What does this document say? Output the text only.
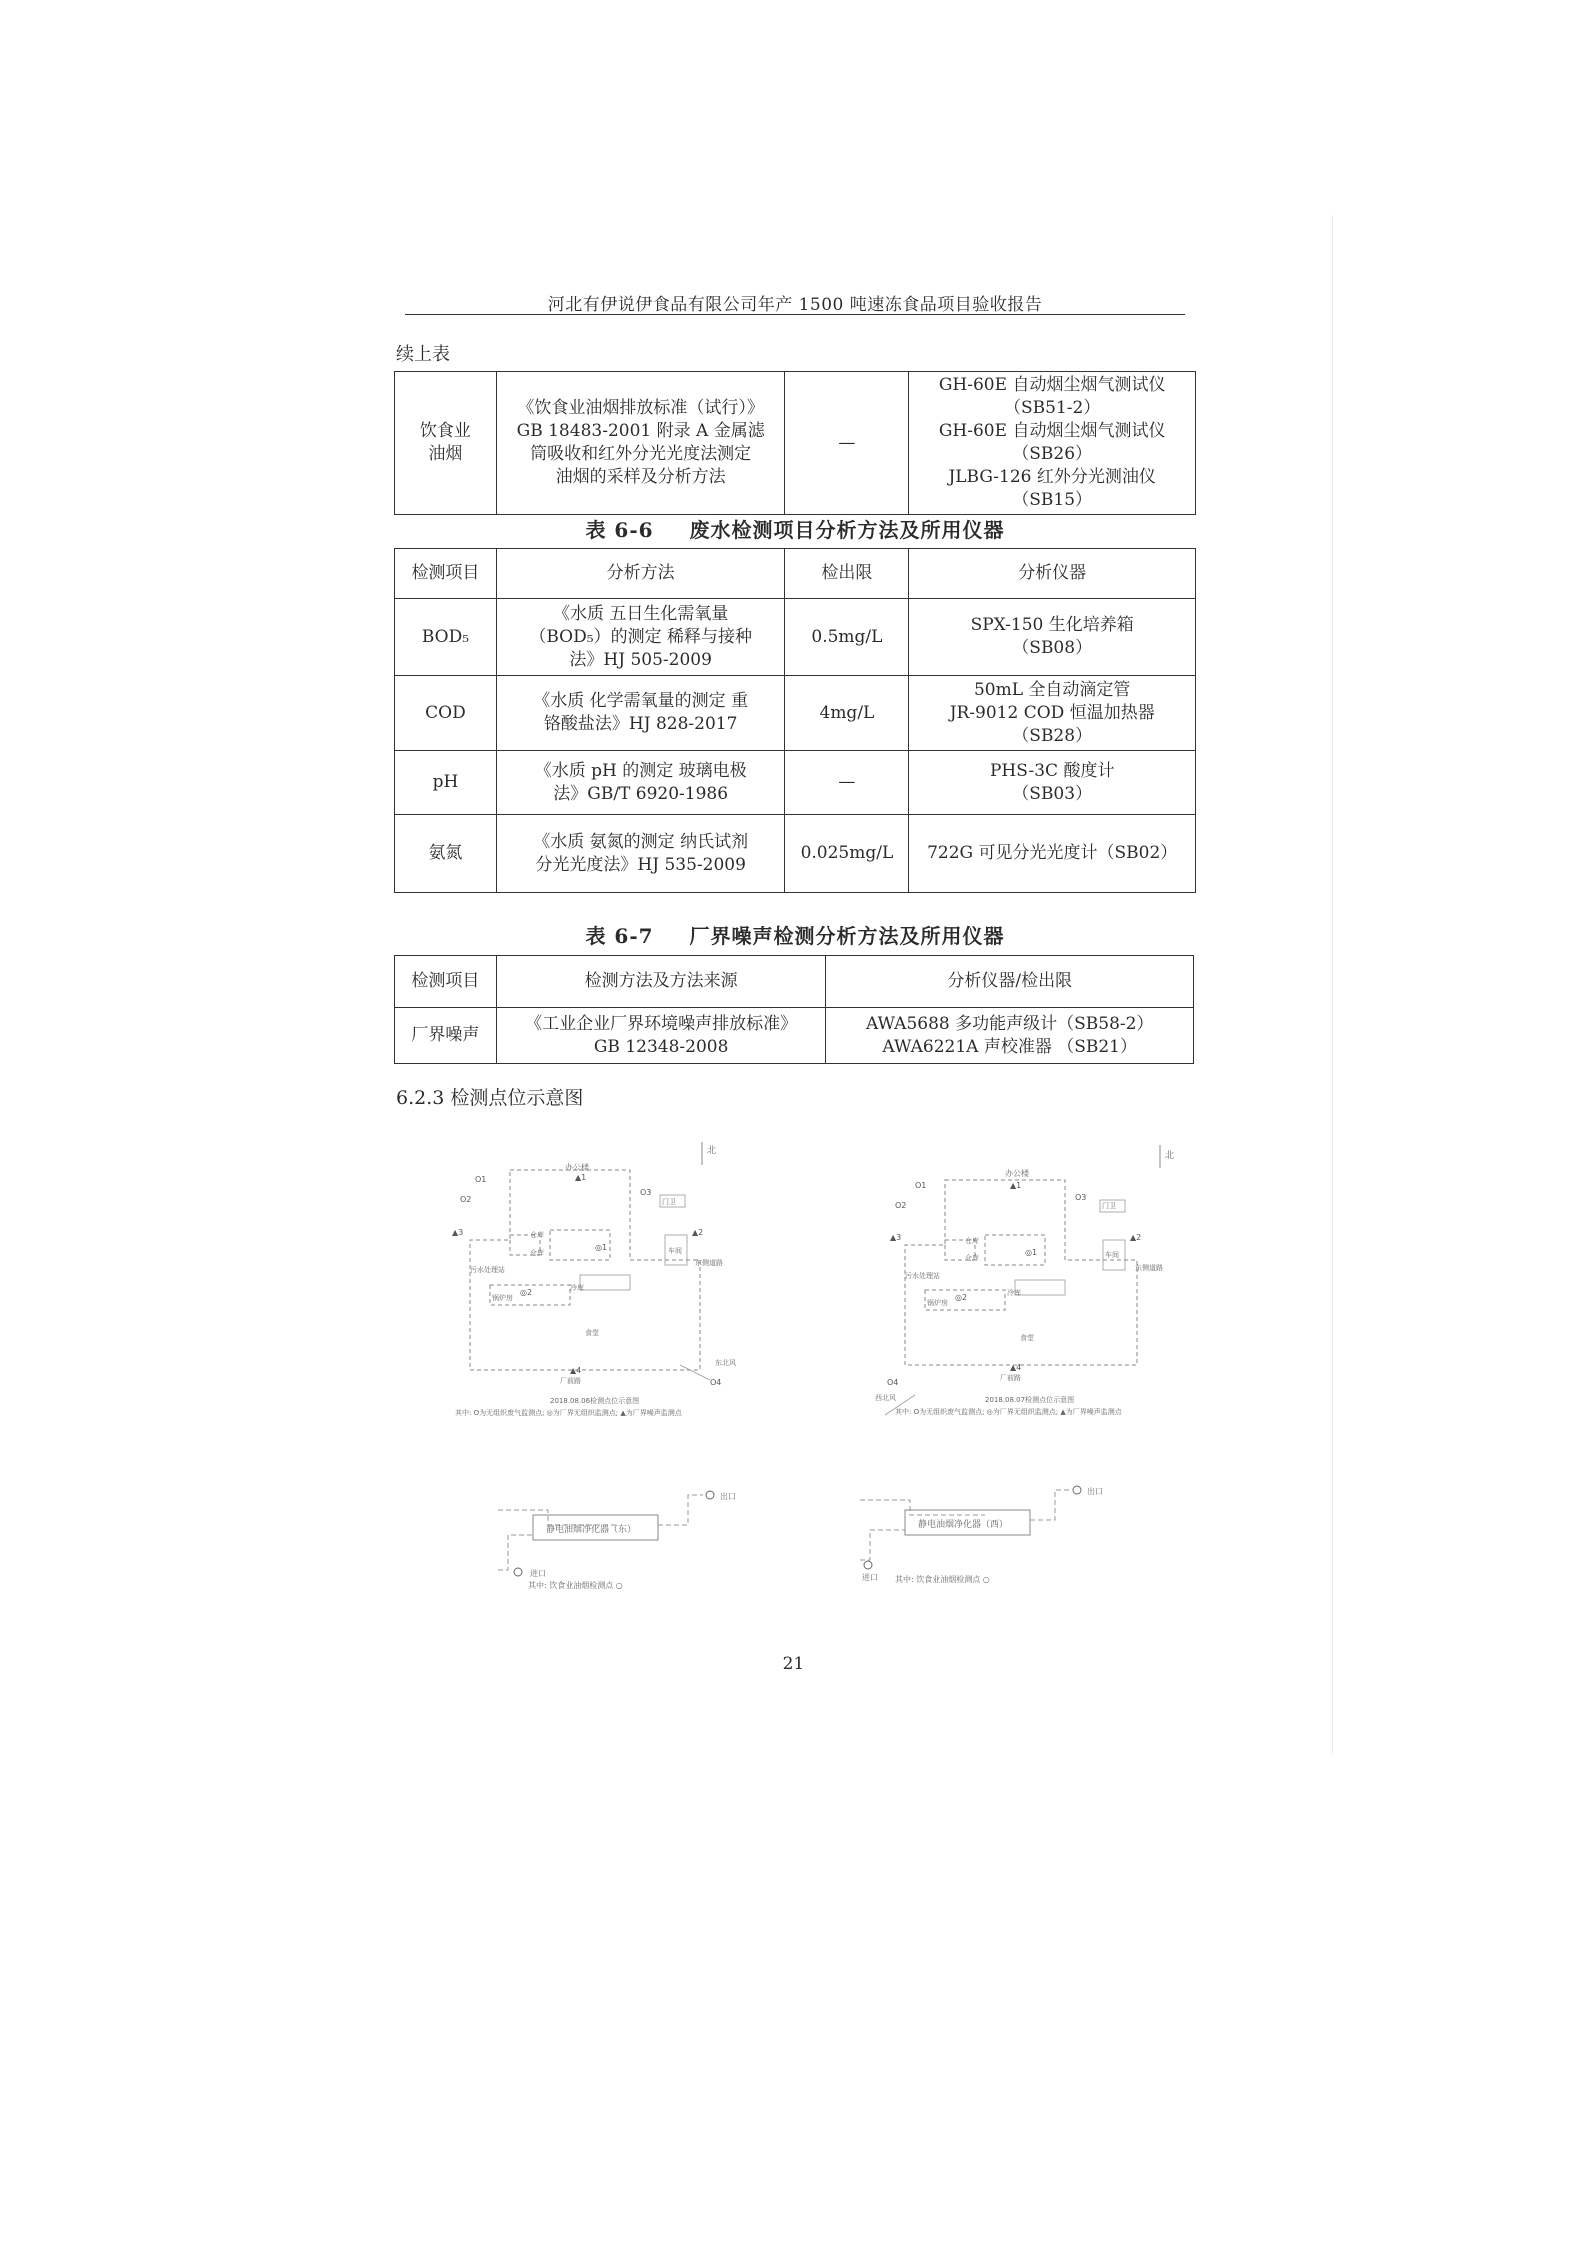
河北有伊说伊食品有限公司年产 1500 吨速冻食品项目验收报告
续上表
饮食业
油烟	《饮食业油烟排放标准（试行）》
GB 18483-2001 附录 A 金属滤
筒吸收和红外分光光度法测定
油烟的采样及分析方法	—	GH-60E 自动烟尘烟气测试仪
（SB51-2）
GH-60E 自动烟尘烟气测试仪
（SB26）
JLBG-126 红外分光测油仪
（SB15）
表 6-6 废水检测项目分析方法及所用仪器
检测项目	分析方法	检出限	分析仪器
BOD₅	《水质 五日生化需氧量
（BOD₅）的测定 稀释与接种
法》HJ 505-2009	0.5mg/L	SPX-150 生化培养箱
（SB08）
COD	《水质 化学需氧量的测定 重
铬酸盐法》HJ 828-2017	4mg/L	50mL 全自动滴定管
JR-9012 COD 恒温加热器
（SB28）
pH	《水质 pH 的测定 玻璃电极
法》GB/T 6920-1986	—	PHS-3C 酸度计
（SB03）
氨氮	《水质 氨氮的测定 纳氏试剂
分光光度法》HJ 535-2009	0.025mg/L	722G 可见分光光度计（SB02）
表 6-7 厂界噪声检测分析方法及所用仪器
检测项目	检测方法及方法来源	分析仪器/检出限
厂界噪声	《工业企业厂界环境噪声排放标准》
GB 12348-2008	AWA5688 多功能声级计（SB58-2）
AWA6221A 声校准器 （SB21）
6.2.3 检测点位示意图
北
办公楼
门卫
仓库
仓库	车间
东侧道路
污水处理站
锅炉房
冷库
食堂
厂前路
东北风
O1
O2
O3
O4
▲1
▲2
▲3
▲4
◎1
◎2
2018.08.06检测点位示意图
其中: O为无组织废气监测点; ◎为厂界无组织监测点; ▲为厂界噪声监测点
北
办公楼
门卫
仓库
仓库	车间
东侧道路
污水处理站
锅炉房
冷库
食堂
厂前路
西北风
O1
O2
O3
O4
▲1
▲2
▲3
▲4
◎1
◎2
2018.08.07检测点位示意图
其中: O为无组织废气监测点; ◎为厂界无组织监测点; ▲为厂界噪声监测点
静电油烟净化器（东）
出口
进口
其中: 饮食业油烟检测点 ○
静电油烟净化器（西）
出口
进口 其中: 饮食业油烟检测点 ○
21
